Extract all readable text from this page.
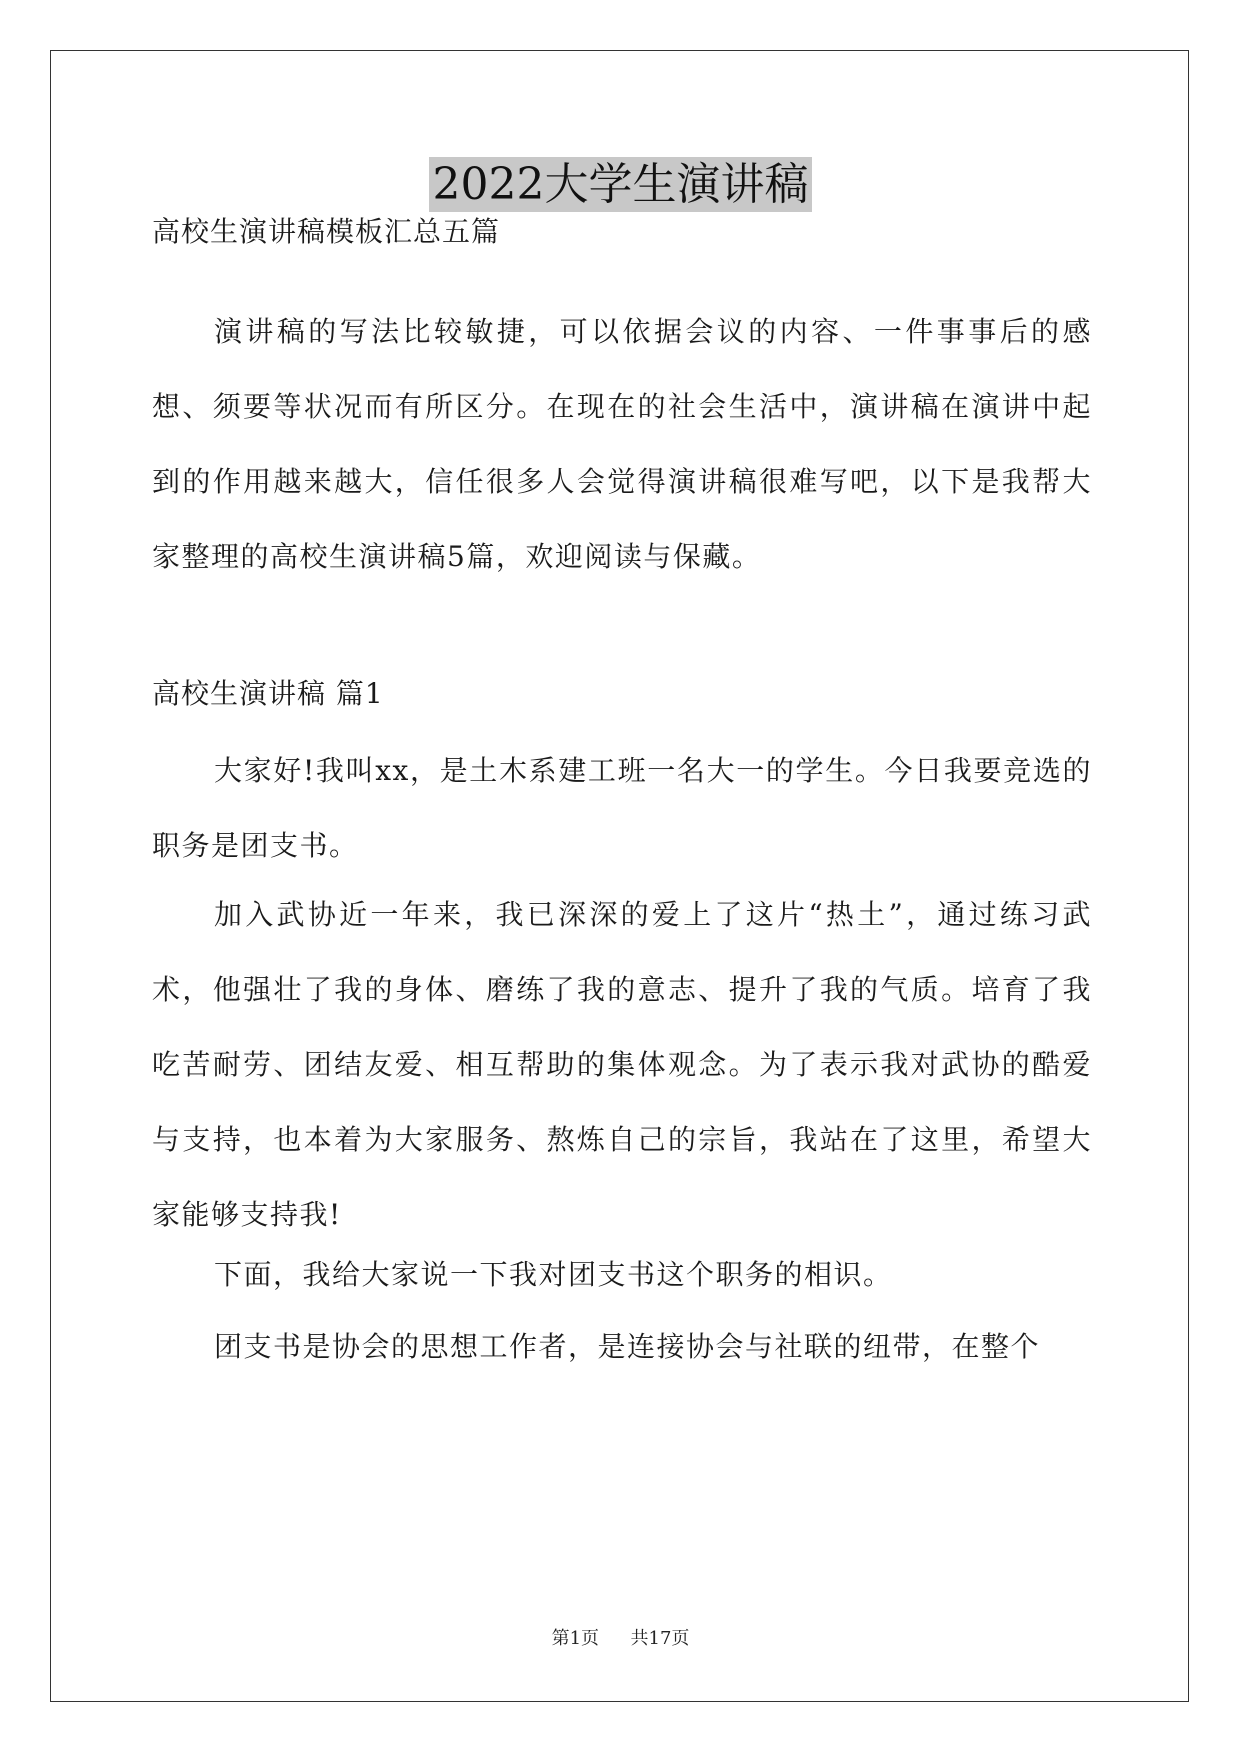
2022大学生演讲稿
高校生演讲稿模板汇总五篇
演讲稿的写法比较敏捷，可以依据会议的内容、一件事事后的感想、须要等状况而有所区分。在现在的社会生活中，演讲稿在演讲中起到的作用越来越大，信任很多人会觉得演讲稿很难写吧，以下是我帮大家整理的高校生演讲稿5篇，欢迎阅读与保藏。
高校生演讲稿 篇1
大家好!我叫xx，是土木系建工班一名大一的学生。今日我要竞选的职务是团支书。
加入武协近一年来，我已深深的爱上了这片“热土”，通过练习武术，他强壮了我的身体、磨练了我的意志、提升了我的气质。培育了我吃苦耐劳、团结友爱、相互帮助的集体观念。为了表示我对武协的酷爱与支持，也本着为大家服务、熬炼自己的宗旨，我站在了这里，希望大家能够支持我!
下面，我给大家说一下我对团支书这个职务的相识。
团支书是协会的思想工作者，是连接协会与社联的纽带，在整个
第1页 共17页
